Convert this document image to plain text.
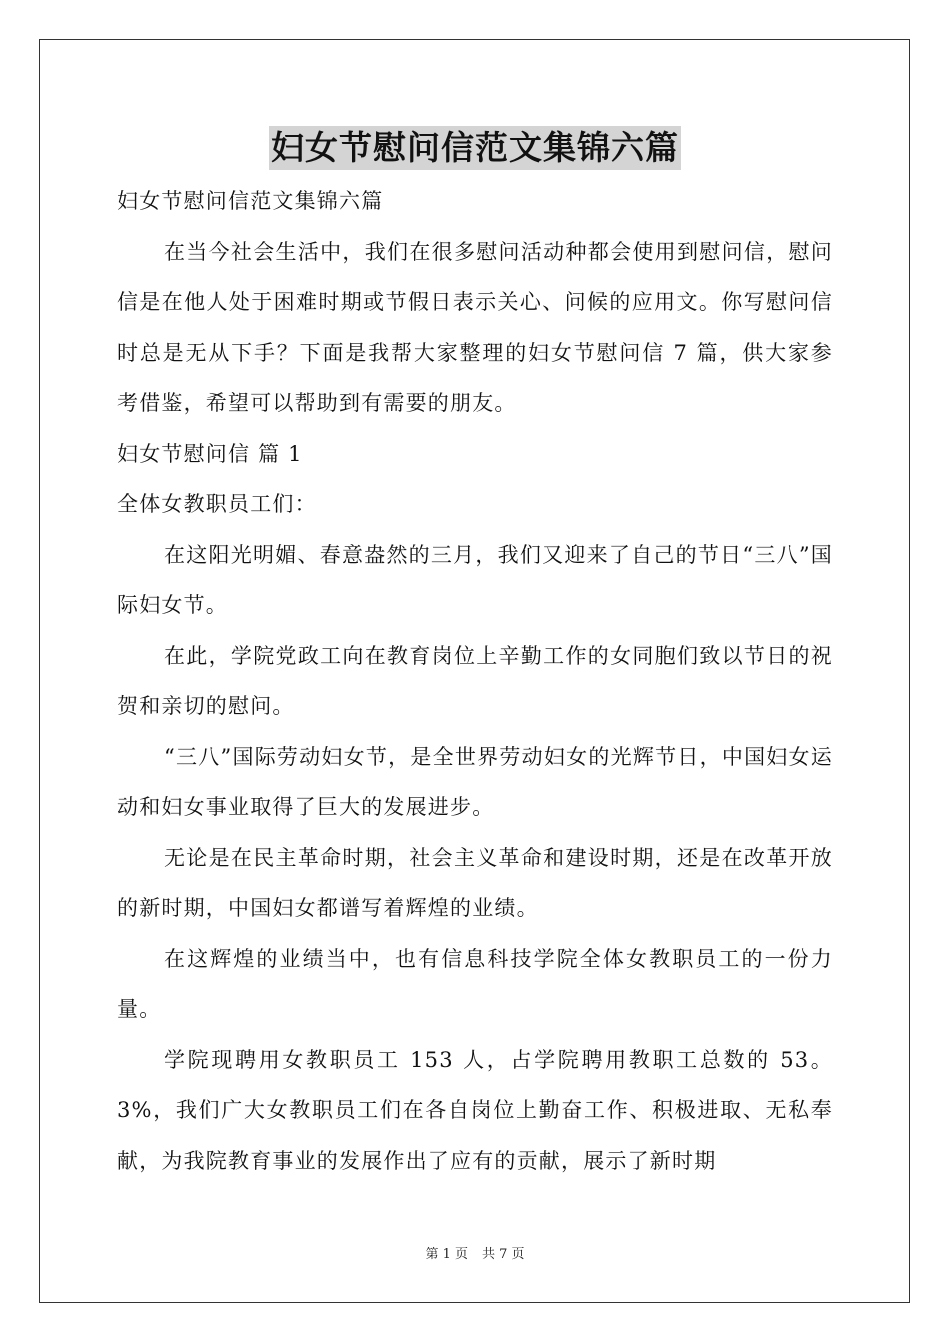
妇女节慰问信范文集锦六篇

妇女节慰问信范文集锦六篇

在当今社会生活中，我们在很多慰问活动种都会使用到慰问信，慰问信是在他人处于困难时期或节假日表示关心、问候的应用文。你写慰问信时总是无从下手？下面是我帮大家整理的妇女节慰问信 7 篇，供大家参考借鉴，希望可以帮助到有需要的朋友。

妇女节慰问信 篇 1

全体女教职员工们：

在这阳光明媚、春意盎然的三月，我们又迎来了自己的节日“三八”国际妇女节。

在此，学院党政工向在教育岗位上辛勤工作的女同胞们致以节日的祝贺和亲切的慰问。

“三八”国际劳动妇女节，是全世界劳动妇女的光辉节日，中国妇女运动和妇女事业取得了巨大的发展进步。

无论是在民主革命时期，社会主义革命和建设时期，还是在改革开放的新时期，中国妇女都谱写着辉煌的业绩。

在这辉煌的业绩当中，也有信息科技学院全体女教职员工的一份力量。

学院现聘用女教职员工 153 人，占学院聘用教职工总数的 53。3%，我们广大女教职员工们在各自岗位上勤奋工作、积极进取、无私奉献，为我院教育事业的发展作出了应有的贡献，展示了新时期

第 1 页 共 7 页
